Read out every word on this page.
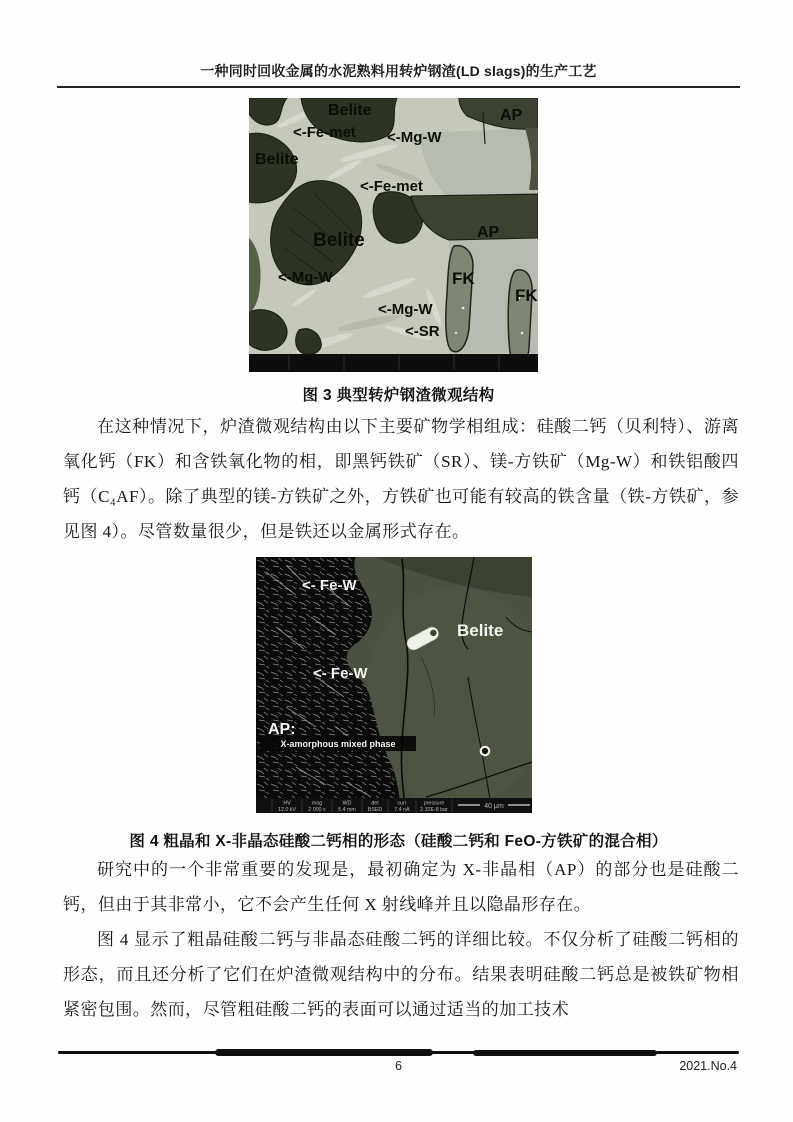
一种同时回收金属的水泥熟料用转炉钢渣(LD slags)的生产工艺
Belite	AP
<-Fe-met <-Mg-W
Belite
<-Fe-met
AP
Belite
<-Mg-W	FK
FK
<-Mg-W
<-SR
图 3 典型转炉钢渣微观结构

在这种情况下，炉渣微观结构由以下主要矿物学相组成：硅酸二钙（贝利特）、游离氧化钙（FK）和含铁氧化物的相，即黑钙铁矿（SR）、镁-方铁矿（Mg-W）和铁铝酸四钙（C₄AF）。除了典型的镁-方铁矿之外，方铁矿也可能有较高的铁含量（铁-方铁矿，参见图 4）。尽管数量很少，但是铁还以金属形式存在。

X-amorphous mixed phase
<- Fe-W
Belite
<- Fe-W
AP:
HV	mag	WD	det	curr	pressure
12.0 kV 2 000 x 5.4 mm BSED 7.4 nA 2.32E-8 bar	40 μm
图 4 粗晶和 X-非晶态硅酸二钙相的形态（硅酸二钙和 FeO-方铁矿的混合相）

研究中的一个非常重要的发现是，最初确定为 X-非晶相（AP）的部分也是硅酸二钙，但由于其非常小，它不会产生任何 X 射线峰并且以隐晶形存在。

图 4 显示了粗晶硅酸二钙与非晶态硅酸二钙的详细比较。不仅分析了硅酸二钙相的形态，而且还分析了它们在炉渣微观结构中的分布。结果表明硅酸二钙总是被铁矿物相紧密包围。然而，尽管粗硅酸二钙的表面可以通过适当的加工技术

6	2021.No.4
